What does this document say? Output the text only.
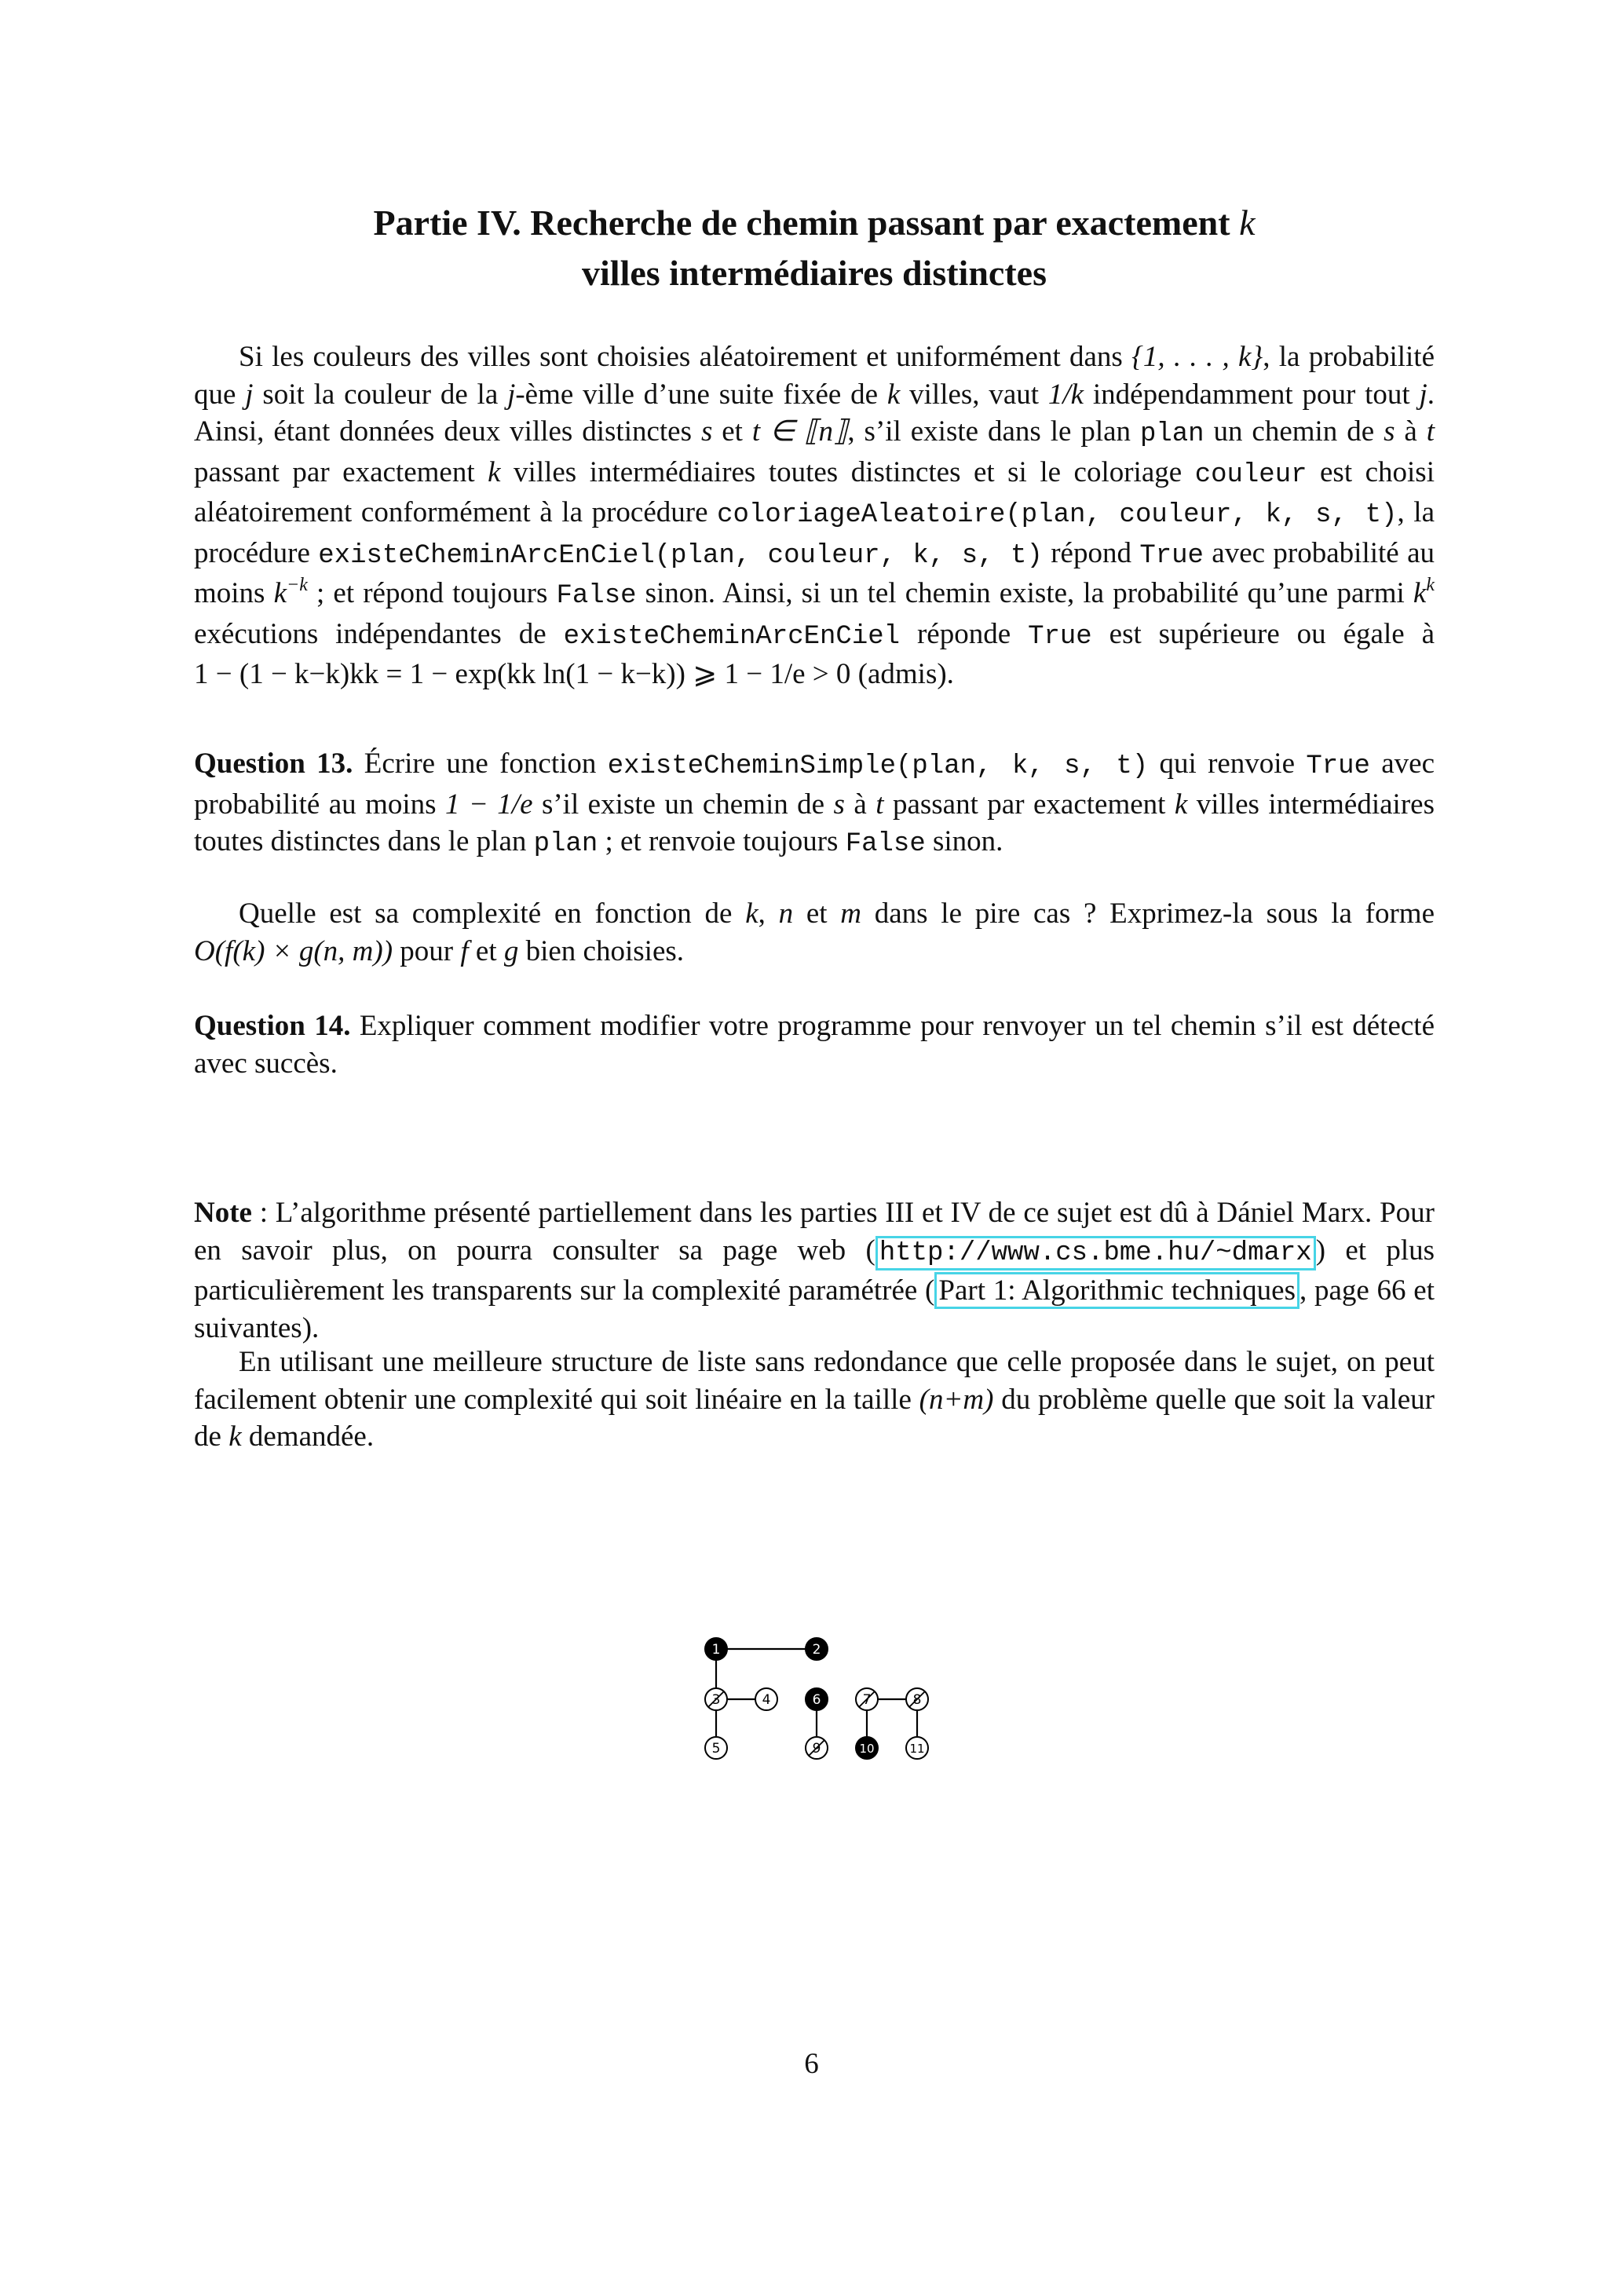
Partie IV. Recherche de chemin passant par exactement k
villes intermédiaires distinctes
Si les couleurs des villes sont choisies aléatoirement et uniformément dans {1, . . . , k}, la probabilité que j soit la couleur de la j-ème ville d’une suite fixée de k villes, vaut 1/k indépendamment pour tout j. Ainsi, étant données deux villes distinctes s et t ∈ ⟦n⟧, s’il existe dans le plan plan un chemin de s à t passant par exactement k villes intermédiaires toutes distinctes et si le coloriage couleur est choisi aléatoirement conformément à la procédure coloriageAleatoire(plan, couleur, k, s, t), la procédure existeCheminArcEnCiel(plan, couleur, k, s, t) répond True avec probabilité au moins $k^{-k}$ ; et répond toujours False sinon. Ainsi, si un tel chemin existe, la probabilité qu’une parmi $k^k$ exécutions indépendantes de existeCheminArcEnCiel réponde True est supérieure ou égale à 1 − (1 − k−k)kk = 1 − exp(kk ln(1 − k−k)) ⩾ 1 − 1/e > 0 (admis).
Question 13. Écrire une fonction existeCheminSimple(plan, k, s, t) qui renvoie True avec probabilité au moins 1 − 1/e s’il existe un chemin de s à t passant par exactement k villes intermédiaires toutes distinctes dans le plan plan ; et renvoie toujours False sinon.
Quelle est sa complexité en fonction de k, n et m dans le pire cas ? Exprimez-la sous la forme O(f(k) × g(n, m)) pour f et g bien choisies.
Question 14. Expliquer comment modifier votre programme pour renvoyer un tel chemin s’il est détecté avec succès.
Note : L’algorithme présenté partiellement dans les parties III et IV de ce sujet est dû à Dániel Marx. Pour en savoir plus, on pourra consulter sa page web ( http://www.cs.bme.hu/~dmarx ) et plus particulièrement les transparents sur la complexité paramétrée ( Part 1: Algorithmic techniques , page 66 et suivantes).
En utilisant une meilleure structure de liste sans redondance que celle proposée dans le sujet, on peut facilement obtenir une complexité qui soit linéaire en la taille (n+m) du problème quelle que soit la valeur de k demandée.
1	2
3	4
5
6	7	8
9	10	11
6
